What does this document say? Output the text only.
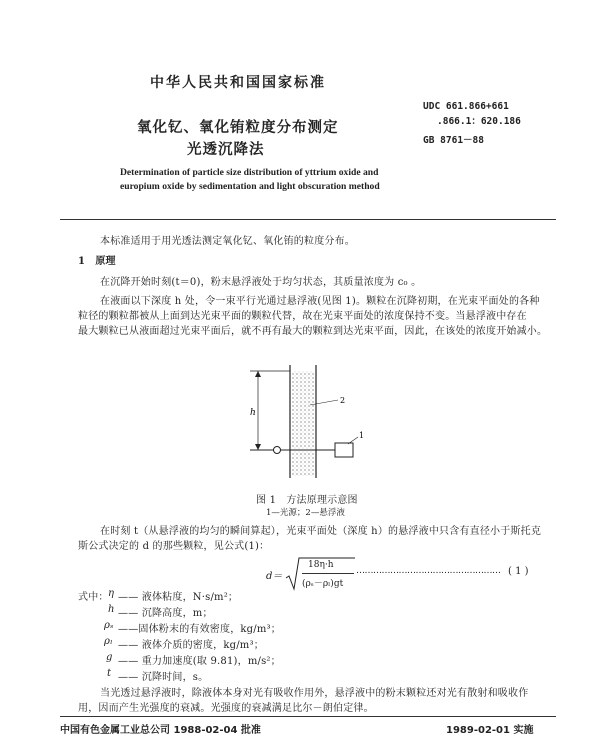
中华人民共和国国家标准
氧化钇、氧化铕粒度分布测定
光透沉降法
UDC 661.866+661
.866.1：620.186
GB 8761－88
Determination of particle size distribution of yttrium oxide and
europium oxide by sedimentation and light obscuration method
本标准适用于用光透法测定氧化钇、氧化铕的粒度分布。
1　原理
在沉降开始时刻(t＝0)，粉末悬浮液处于均匀状态，其质量浓度为 c₀ 。
在液面以下深度 h 处，令一束平行光通过悬浮液(见图 1)。颗粒在沉降初期，在光束平面处的各种
粒径的颗粒都被从上面到达光束平面的颗粒代替，故在光束平面处的浓度保持不变。当悬浮液中存在
最大颗粒已从液面超过光束平面后，就不再有最大的颗粒到达光束平面，因此，在该处的浓度开始减小。
h
2
1
图 1　方法原理示意图
1—光源；2—悬浮液
在时刻 t（从悬浮液的均匀的瞬间算起），光束平面处（深度 h）的悬浮液中只含有直径小于斯托克
斯公式决定的 d 的那些颗粒，见公式(1)：
d＝
18η·h
(ρₛ－ρₗ)gt
…………………………………………… ( 1 )
式中： η —— 液体粘度，N·s/m²；
h —— 沉降高度，m；
ρₛ ——固体粉末的有效密度，kg/m³；
ρₗ —— 液体介质的密度，kg/m³；
g —— 重力加速度(取 9.81)，m/s²；
t —— 沉降时间，s。
当光透过悬浮液时，除液体本身对光有吸收作用外，悬浮液中的粉末颗粒还对光有散射和吸收作
用，因而产生光强度的衰减。光强度的衰减满足比尔－朗伯定律。
中国有色金属工业总公司 1988-02-04 批准	1989-02-01 实施
